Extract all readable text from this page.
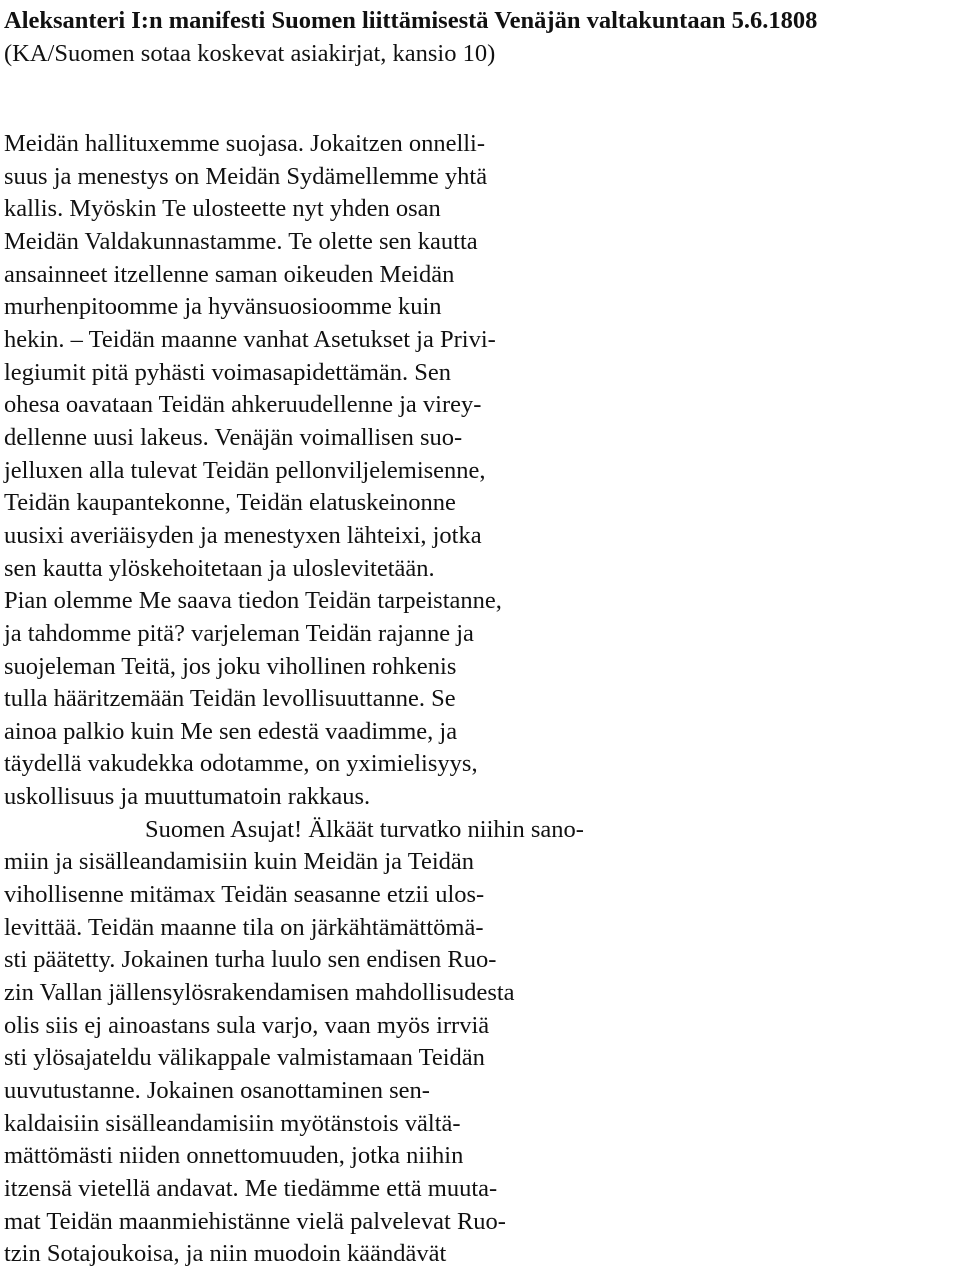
Aleksanteri I:n manifesti Suomen liittämisestä Venäjän valtakuntaan 5.6.1808
(KA/Suomen sotaa koskevat asiakirjat, kansio 10)
Meidän hallituxemme suojasa. Jokaitzen onnelli-
suus ja menestys on Meidän Sydämellemme yhtä
kallis. Myöskin Te ulosteette nyt yhden osan
Meidän Valdakunnastamme. Te olette sen kautta
ansainneet itzellenne saman oikeuden Meidän
murhenpitoomme ja hyvänsuosioomme kuin
hekin. – Teidän maanne vanhat Asetukset ja Privi-
legiumit pitä pyhästi voimasapidettämän. Sen
ohesa oavataan Teidän ahkeruudellenne ja virey-
dellenne uusi lakeus. Venäjän voimallisen suo-
jelluxen alla tulevat Teidän pellonviljelemisenne,
Teidän kaupantekonne, Teidän elatuskeinonne
uusixi averiäisyden ja menestyxen lähteixi, jotka
sen kautta ylöskehoitetaan ja uloslevitetään.
Pian olemme Me saava tiedon Teidän tarpeistanne,
ja tahdomme pitä? varjeleman Teidän rajanne ja
suojeleman Teitä, jos joku vihollinen rohkenis
tulla hääritzemään Teidän levollisuuttanne. Se
ainoa palkio kuin Me sen edestä vaadimme, ja
täydellä vakudekka odotamme, on yximielisyys,
uskollisuus ja muuttumatoin rakkaus.
Suomen Asujat! Älkäät turvatko niihin sano-
miin ja sisälleandamisiin kuin Meidän ja Teidän
vihollisenne mitämax Teidän seasanne etzii ulos-
levittää. Teidän maanne tila on järkähtämättömä-
sti päätetty. Jokainen turha luulo sen endisen Ruo-
zin Vallan jällensylösrakendamisen mahdollisudesta
olis siis ej ainoastans sula varjo, vaan myös irrviä
sti ylösajateldu välikappale valmistamaan Teidän
uuvutustanne. Jokainen osanottaminen sen-
kaldaisiin sisälleandamisiin myötänstois vältä-
mättömästi niiden onnettomuuden, jotka niihin
itzensä vietellä andavat. Me tiedämme että muuta-
mat Teidän maanmiehistänne vielä palvelevat Ruo-
tzin Sotajoukoisa, ja niin muodoin käändävät
